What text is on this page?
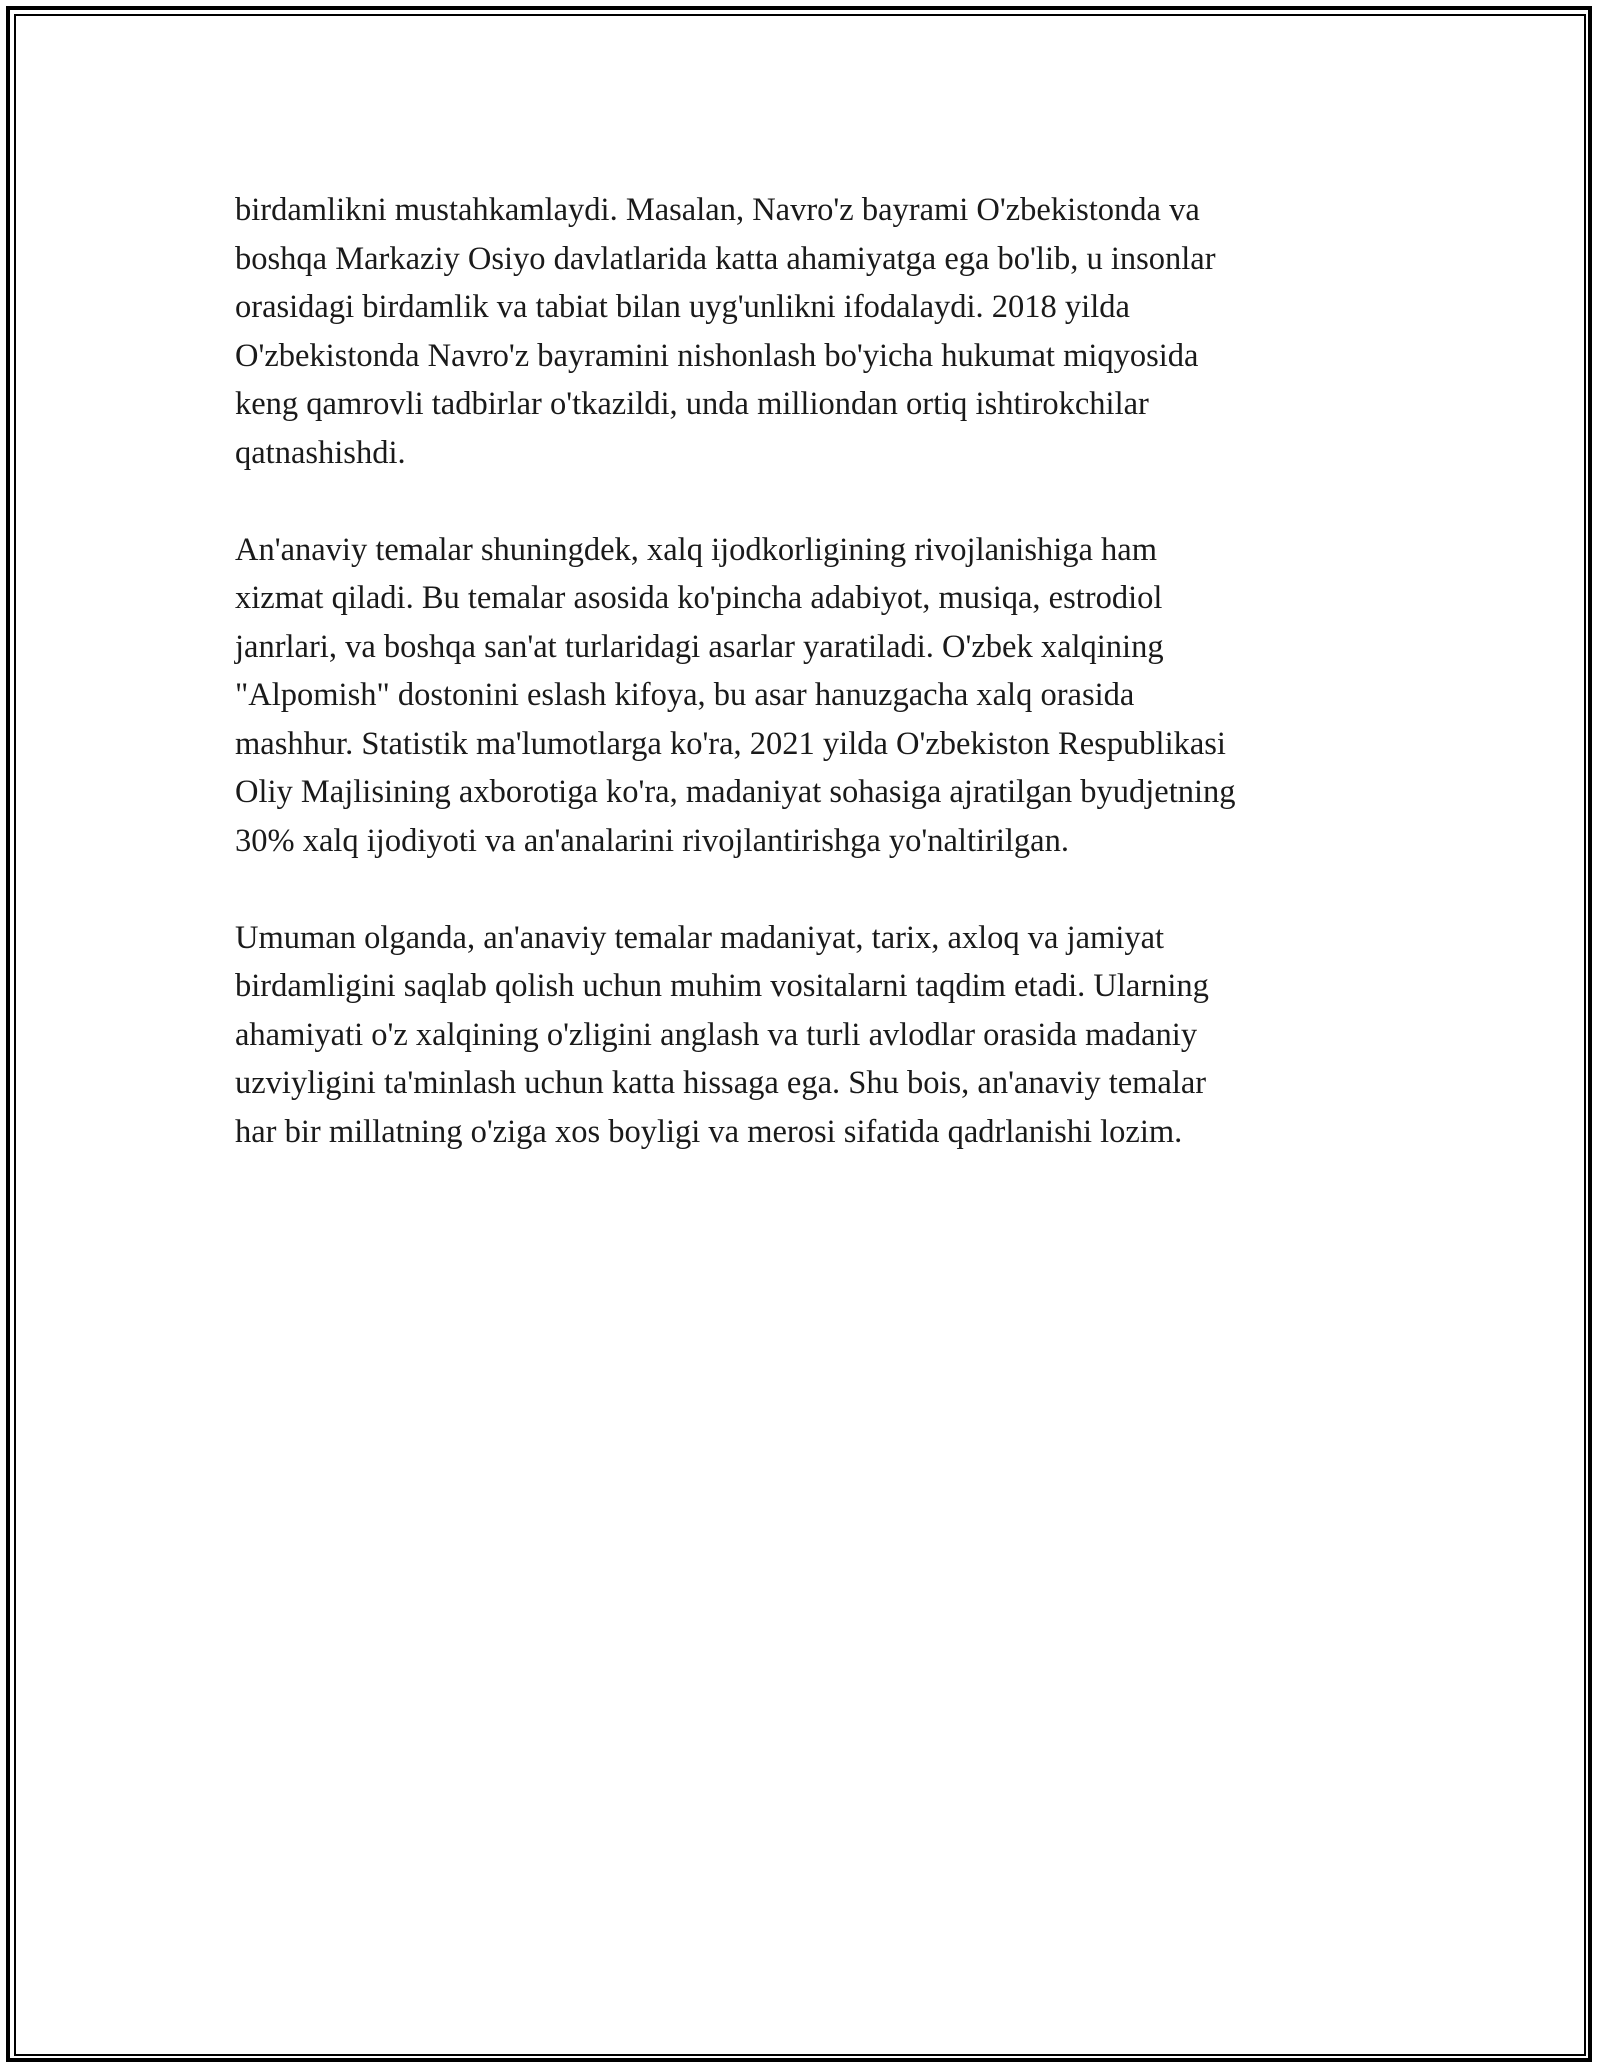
birdamlikni mustahkamlaydi. Masalan, Navro'z bayrami O'zbekistonda va
boshqa Markaziy Osiyo davlatlarida katta ahamiyatga ega bo'lib, u insonlar
orasidagi birdamlik va tabiat bilan uyg'unlikni ifodalaydi. 2018 yilda
O'zbekistonda Navro'z bayramini nishonlash bo'yicha hukumat miqyosida
keng qamrovli tadbirlar o'tkazildi, unda milliondan ortiq ishtirokchilar
qatnashishdi.

An'anaviy temalar shuningdek, xalq ijodkorligining rivojlanishiga ham
xizmat qiladi. Bu temalar asosida ko'pincha adabiyot, musiqa, estrodiol
janrlari, va boshqa san'at turlaridagi asarlar yaratiladi. O'zbek xalqining
"Alpomish" dostonini eslash kifoya, bu asar hanuzgacha xalq orasida
mashhur. Statistik ma'lumotlarga ko'ra, 2021 yilda O'zbekiston Respublikasi
Oliy Majlisining axborotiga ko'ra, madaniyat sohasiga ajratilgan byudjetning
30% xalq ijodiyoti va an'analarini rivojlantirishga yo'naltirilgan.

Umuman olganda, an'anaviy temalar madaniyat, tarix, axloq va jamiyat
birdamligini saqlab qolish uchun muhim vositalarni taqdim etadi. Ularning
ahamiyati o'z xalqining o'zligini anglash va turli avlodlar orasida madaniy
uzviyligini ta'minlash uchun katta hissaga ega. Shu bois, an'anaviy temalar
har bir millatning o'ziga xos boyligi va merosi sifatida qadrlanishi lozim.
